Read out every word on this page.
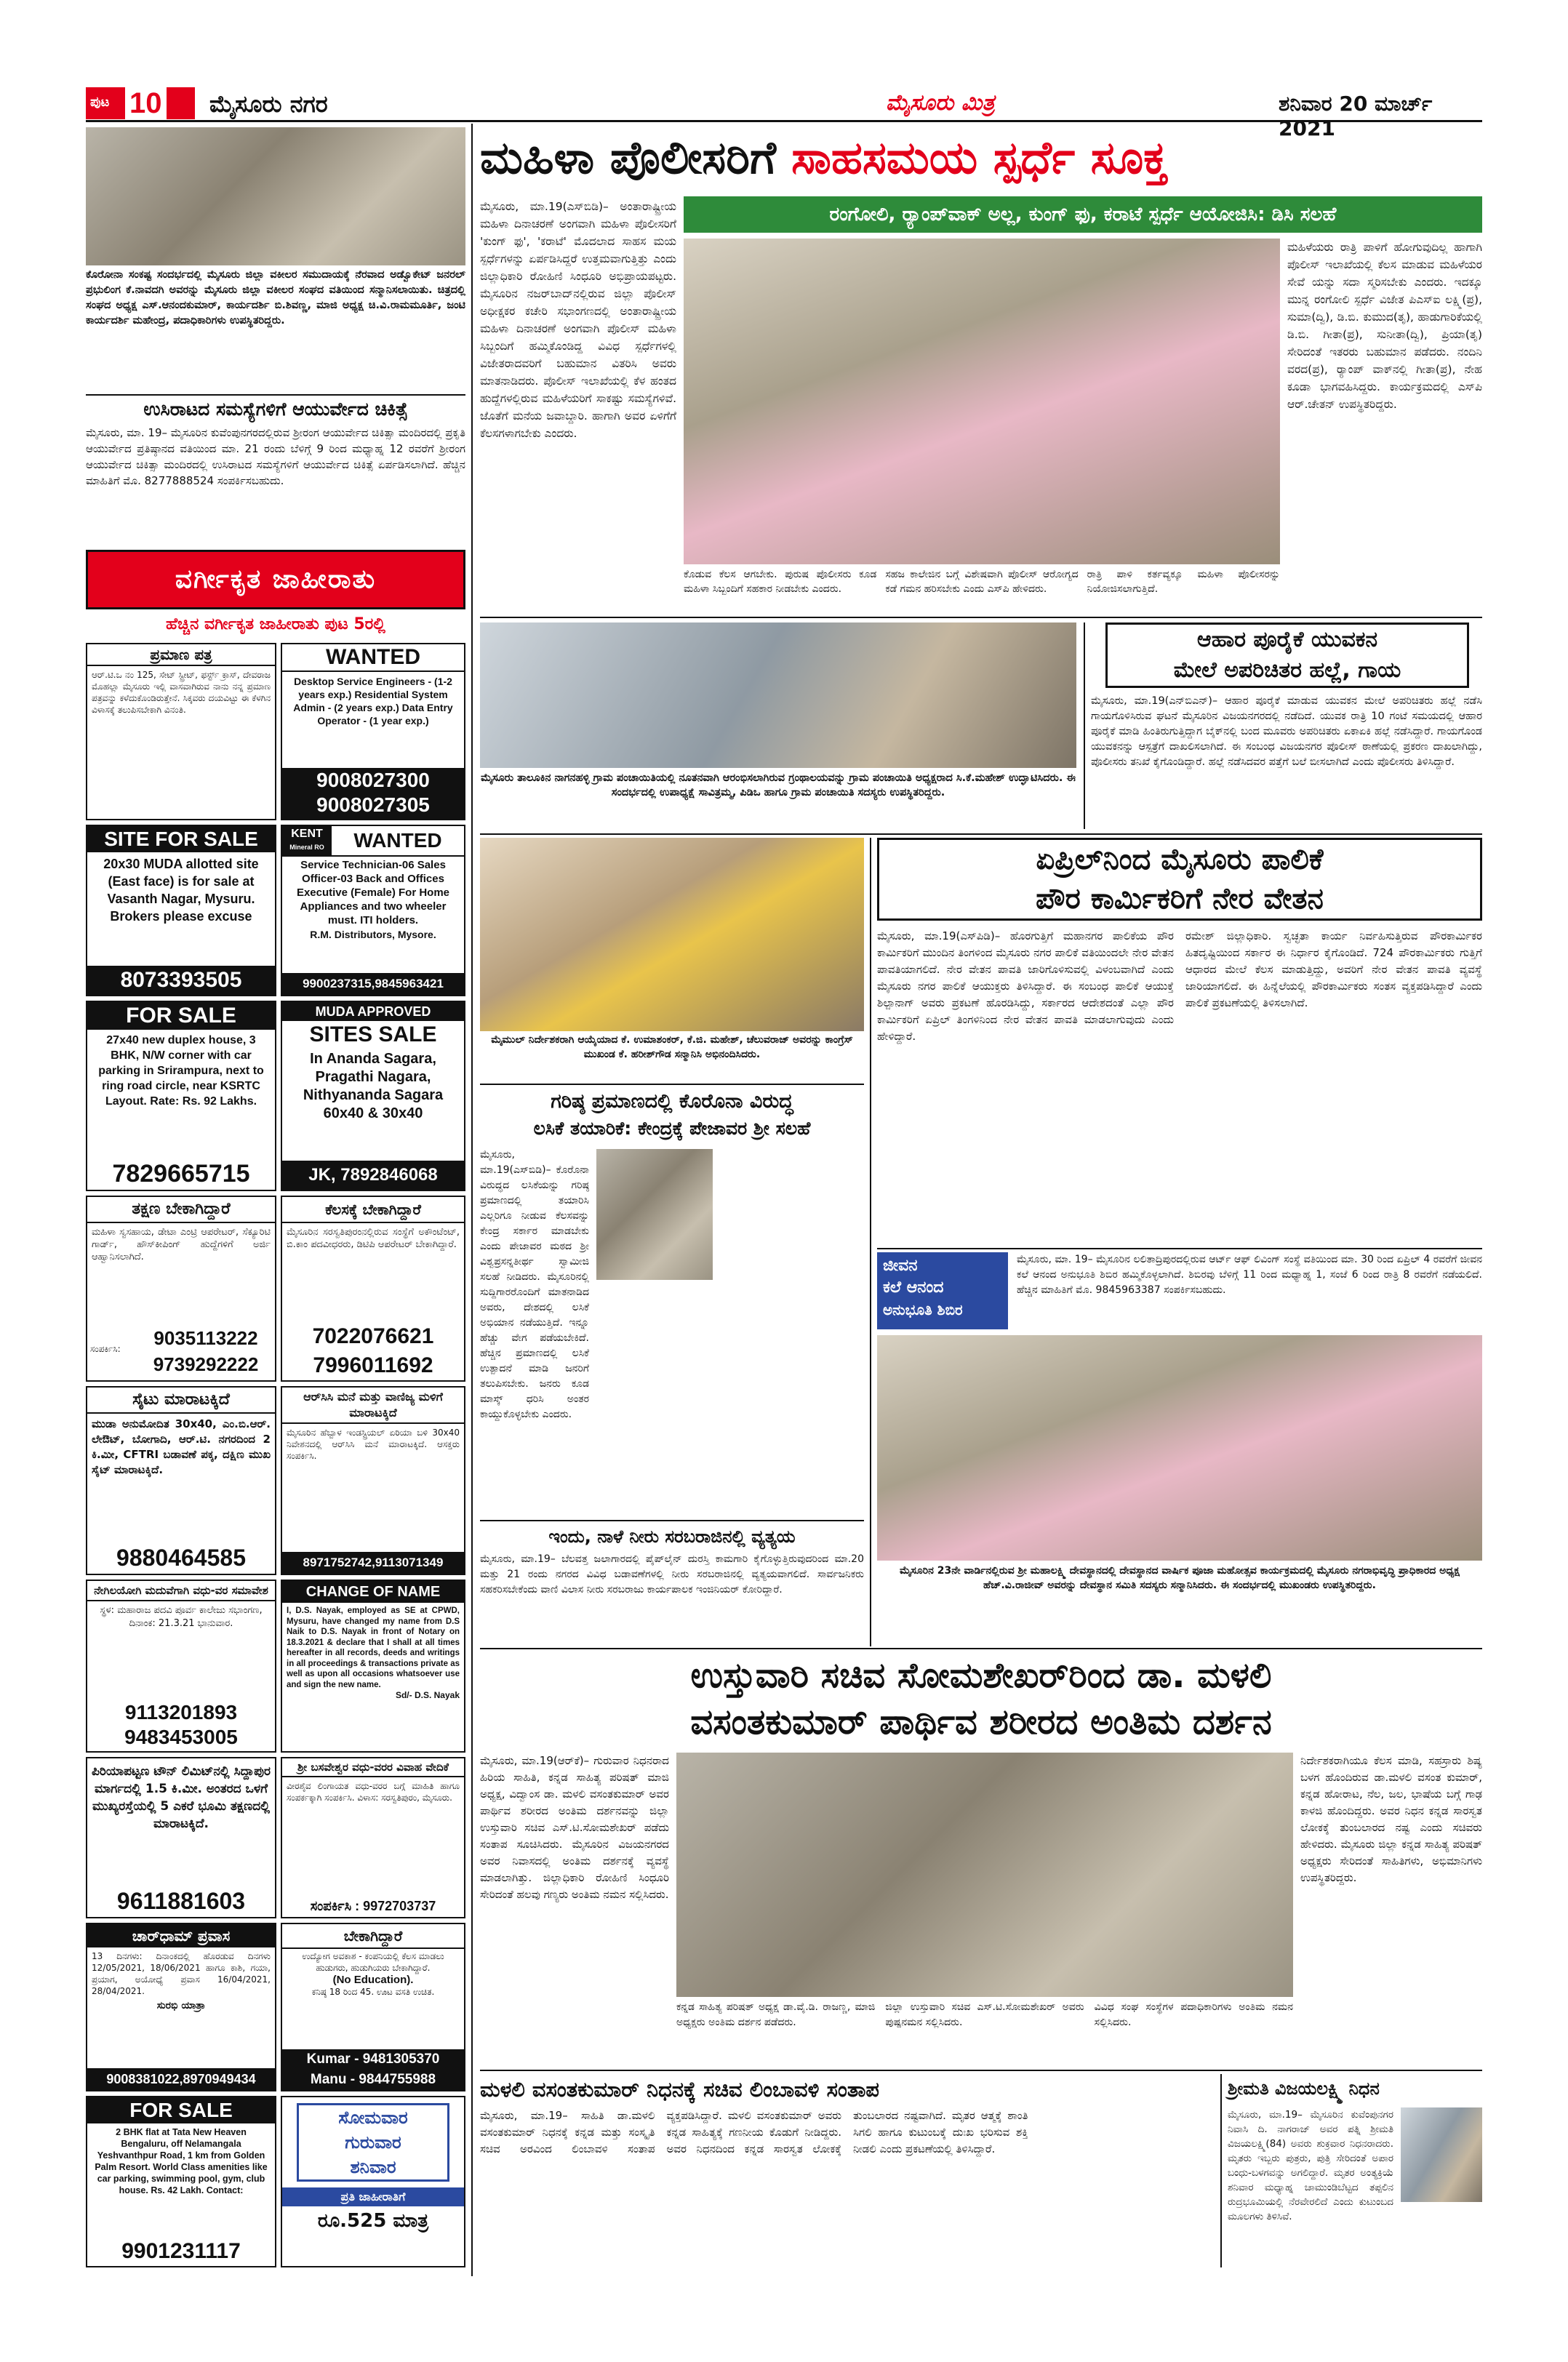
ಪುಟ 10 ಮೈಸೂರು ನಗರ	ಮೈಸೂರು ಮಿತ್ರ	ಶನಿವಾರ 20 ಮಾರ್ಚ್ 2021

ಕೊರೋನಾ ಸಂಕಷ್ಟ ಸಂದರ್ಭದಲ್ಲಿ ಮೈಸೂರು ಜಿಲ್ಲಾ ವಕೀಲರ ಸಮುದಾಯಕ್ಕೆ ನೆರವಾದ ಅಡ್ವೊಕೇಟ್ ಜನರಲ್ ಪ್ರಭುಲಿಂಗ ಕೆ.ನಾವದಗಿ ಅವರನ್ನು ಮೈಸೂರು ಜಿಲ್ಲಾ ವಕೀಲರ ಸಂಘದ ವತಿಯಿಂದ ಸನ್ಮಾನಿಸಲಾಯಿತು. ಚಿತ್ರದಲ್ಲಿ ಸಂಘದ ಅಧ್ಯಕ್ಷ ಎಸ್.ಆನಂದಕುಮಾರ್, ಕಾರ್ಯದರ್ಶಿ ಬಿ.ಶಿವಣ್ಣ, ಮಾಜಿ ಅಧ್ಯಕ್ಷ ಚಿ.ವಿ.ರಾಮಮೂರ್ತಿ, ಜಂಟಿ ಕಾರ್ಯದರ್ಶಿ ಮಹೇಂದ್ರ, ಪದಾಧಿಕಾರಿಗಳು ಉಪಸ್ಥಿತರಿದ್ದರು.

ಉಸಿರಾಟದ ಸಮಸ್ಯೆಗಳಿಗೆ ಆಯುರ್ವೇದ ಚಿಕಿತ್ಸೆ

ಮೈಸೂರು, ಮಾ. 19– ಮೈಸೂರಿನ ಕುವೆಂಪುನಗರದಲ್ಲಿರುವ ಶ್ರೀರಂಗ ಆಯುರ್ವೇದ ಚಿಕಿತ್ಸಾ ಮಂದಿರದಲ್ಲಿ ಪ್ರಕೃತಿ ಆಯುರ್ವೇದ ಪ್ರತಿಷ್ಠಾನದ ವತಿಯಿಂದ ಮಾ. 21 ರಂದು ಬೆಳಿಗ್ಗೆ 9 ರಿಂದ ಮಧ್ಯಾಹ್ನ 12 ರವರೆಗೆ ಶ್ರೀರಂಗ ಆಯುರ್ವೇದ ಚಿಕಿತ್ಸಾ ಮಂದಿರದಲ್ಲಿ ಉಸಿರಾಟದ ಸಮಸ್ಯೆಗಳಿಗೆ ಆಯುರ್ವೇದ ಚಿಕಿತ್ಸೆ ಏರ್ಪಡಿಸಲಾಗಿದೆ. ಹೆಚ್ಚಿನ ಮಾಹಿತಿಗೆ ಮೊ. 8277888524 ಸಂಪರ್ಕಿಸಬಹುದು.

ವರ್ಗೀಕೃತ ಜಾಹೀರಾತು
ಹೆಚ್ಚಿನ ವರ್ಗೀಕೃತ ಜಾಹೀರಾತು ಪುಟ 5ರಲ್ಲಿ
ಪ್ರಮಾಣ ಪತ್ರ

ಆರ್.ಟಿ.ಒ ನಂ 125, ಸೇಟ್ ಸ್ಟ್ರೀಟ್, ಫರ್ಸ್ಟ್ ಕ್ರಾಸ್, ದೇವರಾಜ ಮೊಹಲ್ಲಾ ಮೈಸೂರು ಇಲ್ಲಿ ವಾಸವಾಗಿರುವ ನಾನು ನನ್ನ ಪ್ರಮಾಣ ಪತ್ರವನ್ನು ಕಳೆದುಕೊಂಡಿರುತ್ತೇನೆ. ಸಿಕ್ಕವರು ದಯವಿಟ್ಟು ಈ ಕೆಳಗಿನ ವಿಳಾಸಕ್ಕೆ ತಲುಪಿಸಬೇಕಾಗಿ ವಿನಂತಿ.

WANTED

Desktop Service Engineers - (1-2 years exp.) Residential System Admin - (2 years exp.) Data Entry Operator - (1 year exp.)

9008027300
9008027305
SITE FOR SALE

20x30 MUDA allotted site (East face) is for sale at Vasanth Nagar, Mysuru. Brokers please excuse

8073393505
KENT
Mineral RO	WANTED

Service Technician-06 Sales Officer-03 Back and Offices Executive (Female) For Home Appliances and two wheeler must. ITI holders.

R.M. Distributors, Mysore.
9900237315,9845963421
FOR SALE

27x40 new duplex house, 3 BHK, N/W corner with car parking in Srirampura, next to ring road circle, near KSRTC Layout. Rate: Rs. 92 Lakhs.

7829665715
MUDA APPROVED
SITES SALE

In Ananda Sagara, Pragathi Nagara, Nithyananda Sagara 60x40 & 30x40

JK, 7892846068
ತಕ್ಷಣ ಬೇಕಾಗಿದ್ದಾರೆ

ಮಹಿಳಾ ಸ್ವಸಹಾಯ, ಡೇಟಾ ಎಂಟ್ರಿ ಆಪರೇಟರ್, ಸೆಕ್ಯೂರಿಟಿ ಗಾರ್ಡ್, ಹೌಸ್‌ಕೀಪಿಂಗ್ ಹುದ್ದೆಗಳಿಗೆ ಅರ್ಜಿ ಆಹ್ವಾನಿಸಲಾಗಿದೆ.

ಸಂಪರ್ಕಿಸಿ:	9035113222
9739292222
ಕೆಲಸಕ್ಕೆ ಬೇಕಾಗಿದ್ದಾರೆ

ಮೈಸೂರಿನ ಸರಸ್ವತಿಪುರಂನಲ್ಲಿರುವ ಸಂಸ್ಥೆಗೆ ಅಕೌಂಟೆಂಟ್, ಬಿ.ಕಾಂ ಪದವೀಧರರು, ಡಿಟಿಪಿ ಆಪರೇಟರ್ ಬೇಕಾಗಿದ್ದಾರೆ.

7022076621
7996011692
ಸೈಟು ಮಾರಾಟಕ್ಕಿದೆ

ಮುಡಾ ಅನುಮೋದಿತ 30x40, ಎಂ.ಬಿ.ಆರ್. ಲೇಔಟ್, ಬೋಗಾದಿ, ಆರ್.ಟಿ. ನಗರದಿಂದ 2 ಕಿ.ಮೀ, CFTRI ಬಡಾವಣೆ ಪಕ್ಕ, ದಕ್ಷಿಣ ಮುಖ ಸೈಟ್ ಮಾರಾಟಕ್ಕಿದೆ.

9880464585
ಆರ್‌ಸಿಸಿ ಮನೆ ಮತ್ತು ವಾಣಿಜ್ಯ ಮಳಿಗೆ ಮಾರಾಟಕ್ಕಿದೆ

ಮೈಸೂರಿನ ಹೆಬ್ಬಾಳ ಇಂಡಸ್ಟ್ರಿಯಲ್ ಏರಿಯಾ ಬಳಿ 30x40 ನಿವೇಶನದಲ್ಲಿ ಆರ್‌ಸಿಸಿ ಮನೆ ಮಾರಾಟಕ್ಕಿದೆ. ಆಸಕ್ತರು ಸಂಪರ್ಕಿಸಿ.

8971752742,9113071349
ನೇಗಿಲಯೋಗಿ ಮದುವೆಗಾಗಿ ವಧು-ವರ ಸಮಾವೇಶ

ಸ್ಥಳ: ಮಹಾರಾಜ ಪದವಿ ಪೂರ್ವ ಕಾಲೇಜು ಸಭಾಂಗಣ, ದಿನಾಂಕ: 21.3.21 ಭಾನುವಾರ.

9113201893
9483453005
CHANGE OF NAME

I, D.S. Nayak, employed as SE at CPWD, Mysuru, have changed my name from D.S Naik to D.S. Nayak in front of Notary on 18.3.2021 & declare that I shall at all times hereafter in all records, deeds and writings in all proceedings & transactions private as well as upon all occasions whatsoever use and sign the new name.

Sd/- D.S. Nayak

ಪಿರಿಯಾಪಟ್ಟಣ ಟೌನ್ ಲಿಮಿಟ್‌ನಲ್ಲಿ ಸಿದ್ದಾಪುರ ಮಾರ್ಗದಲ್ಲಿ 1.5 ಕಿ.ಮೀ. ಅಂತರದ ಒಳಗೆ ಮುಖ್ಯರಸ್ತೆಯಲ್ಲಿ 5 ಎಕರೆ ಭೂಮಿ ತಕ್ಷಣದಲ್ಲಿ ಮಾರಾಟಕ್ಕಿದೆ.

9611881603
ಶ್ರೀ ಬಸವೇಶ್ವರ ವಧು-ವರರ ವಿವಾಹ ವೇದಿಕೆ

ವೀರಶೈವ ಲಿಂಗಾಯತ ವಧು-ವರರ ಬಗ್ಗೆ ಮಾಹಿತಿ ಹಾಗೂ ಸಂಪರ್ಕಕ್ಕಾಗಿ ಸಂಪರ್ಕಿಸಿ. ವಿಳಾಸ: ಸರಸ್ವತಿಪುರಂ, ಮೈಸೂರು.

ಸಂಪರ್ಕಿಸಿ : 9972703737
ಚಾರ್‌ಧಾಮ್ ಪ್ರವಾಸ

13 ದಿನಗಳು: ದಿನಾಂಕದಲ್ಲಿ ಹೊರಡುವ ದಿನಗಳು 12/05/2021, 18/06/2021 ಹಾಗೂ ಕಾಶಿ, ಗಯಾ, ಪ್ರಯಾಗ, ಅಯೋಧ್ಯೆ ಪ್ರವಾಸ 16/04/2021, 28/04/2021.

ಸುರಭಿ ಯಾತ್ರಾ
9008381022,8970949434
ಬೇಕಾಗಿದ್ದಾರೆ

ಉದ್ಯೋಗ ಅವಕಾಶ - ಕಂಪನಿಯಲ್ಲಿ ಕೆಲಸ ಮಾಡಲು ಹುಡುಗರು, ಹುಡುಗಿಯರು ಬೇಕಾಗಿದ್ದಾರೆ.

(No Education).

ಕನಿಷ್ಠ 18 ರಿಂದ 45. ಊಟ ವಸತಿ ಉಚಿತ.

Kumar - 9481305370
Manu - 9844755988
FOR SALE

2 BHK flat at Tata New Heaven Bengaluru, off Nelamangala Yeshvanthpur Road, 1 km from Golden Palm Resort. World Class amenities like car parking, swimming pool, gym, club house. Rs. 42 Lakh. Contact:

9901231117
ಸೋಮವಾರ
ಗುರುವಾರ
ಶನಿವಾರ
ಪ್ರತಿ ಜಾಹೀರಾತಿಗೆ
ರೂ.525 ಮಾತ್ರ
ಮಹಿಳಾ ಪೊಲೀಸರಿಗೆ ಸಾಹಸಮಯ ಸ್ಪರ್ಧೆ ಸೂಕ್ತ
ರಂಗೋಲಿ, ರ್‍ಯಾಂಪ್‌ವಾಕ್ ಅಲ್ಲ, ಕುಂಗ್ ಫು, ಕರಾಟೆ ಸ್ಪರ್ಧೆ ಆಯೋಜಿಸಿ: ಡಿಸಿ ಸಲಹೆ

ಮೈಸೂರು, ಮಾ.19(ಎಸ್‌ಬಿಡಿ)– ಅಂತಾರಾಷ್ಟ್ರೀಯ ಮಹಿಳಾ ದಿನಾಚರಣೆ ಅಂಗವಾಗಿ ಮಹಿಳಾ ಪೊಲೀಸರಿಗೆ 'ಕುಂಗ್ ಫು', 'ಕರಾಟೆ' ಮೊದಲಾದ ಸಾಹಸ ಮಯ ಸ್ಪರ್ಧೆಗಳನ್ನು ಏರ್ಪಡಿಸಿದ್ದರೆ ಉತ್ತಮವಾಗುತ್ತಿತ್ತು ಎಂದು ಜಿಲ್ಲಾಧಿಕಾರಿ ರೋಹಿಣಿ ಸಿಂಧೂರಿ ಅಭಿಪ್ರಾಯಪಟ್ಟರು. ಮೈಸೂರಿನ ನಜರ್‌ಬಾದ್‌ನಲ್ಲಿರುವ ಜಿಲ್ಲಾ ಪೊಲೀಸ್ ಅಧೀಕ್ಷಕರ ಕಚೇರಿ ಸಭಾಂಗಣದಲ್ಲಿ ಅಂತಾರಾಷ್ಟ್ರೀಯ ಮಹಿಳಾ ದಿನಾಚರಣೆ ಅಂಗವಾಗಿ ಪೊಲೀಸ್ ಮಹಿಳಾ ಸಿಬ್ಬಂದಿಗೆ ಹಮ್ಮಿಕೊಂಡಿದ್ದ ವಿವಿಧ ಸ್ಪರ್ಧೆಗಳಲ್ಲಿ ವಿಜೇತರಾದವರಿಗೆ ಬಹುಮಾನ ವಿತರಿಸಿ ಅವರು ಮಾತನಾಡಿದರು. ಪೊಲೀಸ್ ಇಲಾಖೆಯಲ್ಲಿ ಕೆಳ ಹಂತದ ಹುದ್ದೆಗಳಲ್ಲಿರುವ ಮಹಿಳೆಯರಿಗೆ ಸಾಕಷ್ಟು ಸಮಸ್ಯೆಗಳಿವೆ. ಜೊತೆಗೆ ಮನೆಯ ಜವಾಬ್ದಾರಿ. ಹಾಗಾಗಿ ಅವರ ಏಳಿಗೆಗೆ ಕೆಲಸಗಳಾಗಬೇಕು ಎಂದರು.

ಮಹಿಳೆಯರು ರಾತ್ರಿ ಪಾಳಿಗೆ ಹೋಗುವುದಿಲ್ಲ ಹಾಗಾಗಿ ಪೊಲೀಸ್ ಇಲಾಖೆಯಲ್ಲಿ ಕೆಲಸ ಮಾಡುವ ಮಹಿಳೆಯರ ಸೇವೆ ಯನ್ನು ಸದಾ ಸ್ಮರಿಸಬೇಕು ಎಂದರು. ಇದಕ್ಕೂ ಮುನ್ನ ರಂಗೋಲಿ ಸ್ಪರ್ಧೆ ವಿಜೇತ ಪಿಎಸ್‌ಐ ಲಕ್ಷ್ಮಿ(ಪ್ರ), ಸುಮಾ(ದ್ವಿ), ಡಿ.ಬಿ. ಕುಮುದ(ತೃ), ಹಾಡುಗಾರಿಕೆಯಲ್ಲಿ ಡಿ.ಬಿ. ಗೀತಾ(ಪ್ರ), ಸುನೀತಾ(ದ್ವಿ), ಪ್ರಿಯಾ(ತೃ) ಸೇರಿದಂತೆ ಇತರರು ಬಹುಮಾನ ಪಡೆದರು. ನಂದಿನಿ ವರದ(ಪ್ರ), ರ್‍ಯಾಂಪ್ ವಾಕ್‌ನಲ್ಲಿ ಗೀತಾ(ಪ್ರ), ನೇಹ ಕೂಡಾ ಭಾಗವಹಿಸಿದ್ದರು. ಕಾರ್ಯಕ್ರಮದಲ್ಲಿ ಎಸ್‌ಪಿ ಆರ್.ಚೇತನ್ ಉಪಸ್ಥಿತರಿದ್ದರು.

ಕೊಡುವ ಕೆಲಸ ಆಗಬೇಕು. ಪುರುಷ ಪೊಲೀಸರು ಕೂಡ ಮಹಿಳಾ ಸಿಬ್ಬಂದಿಗೆ ಸಹಕಾರ ನೀಡಬೇಕು ಎಂದರು.

ಸಹಜ ಕಾಲೇಜಿನ ಬಗ್ಗೆ ವಿಶೇಷವಾಗಿ ಪೊಲೀಸ್ ಆರೋಗ್ಯದ ಕಡೆ ಗಮನ ಹರಿಸಬೇಕು ಎಂದು ಎಸ್‌ಪಿ ಹೇಳಿದರು.

ರಾತ್ರಿ ಪಾಳಿ ಕರ್ತವ್ಯಕ್ಕೂ ಮಹಿಳಾ ಪೊಲೀಸರನ್ನು ನಿಯೋಜಿಸಲಾಗುತ್ತಿದೆ.

ಮೈಸೂರು ತಾಲೂಕಿನ ನಾಗನಹಳ್ಳಿ ಗ್ರಾಮ ಪಂಚಾಯಿತಿಯಲ್ಲಿ ನೂತನವಾಗಿ ಆರಂಭಿಸಲಾಗಿರುವ ಗ್ರಂಥಾಲಯವನ್ನು ಗ್ರಾಮ ಪಂಚಾಯಿತಿ ಅಧ್ಯಕ್ಷರಾದ ಸಿ.ಕೆ.ಮಹೇಶ್ ಉದ್ಘಾಟಿಸಿದರು. ಈ ಸಂದರ್ಭದಲ್ಲಿ ಉಪಾಧ್ಯಕ್ಷೆ ಸಾವಿತ್ರಮ್ಮ, ಪಿಡಿಒ ಹಾಗೂ ಗ್ರಾಮ ಪಂಚಾಯಿತಿ ಸದಸ್ಯರು ಉಪಸ್ಥಿತರಿದ್ದರು.

ಆಹಾರ ಪೂರೈಕೆ ಯುವಕನ
ಮೇಲೆ ಅಪರಿಚಿತರ ಹಲ್ಲೆ, ಗಾಯ

ಮೈಸೂರು, ಮಾ.19(ಎನ್‌ಬಿಎನ್)– ಆಹಾರ ಪೂರೈಕೆ ಮಾಡುವ ಯುವಕನ ಮೇಲೆ ಅಪರಿಚಿತರು ಹಲ್ಲೆ ನಡೆಸಿ ಗಾಯಗೊಳಿಸಿರುವ ಘಟನೆ ಮೈಸೂರಿನ ವಿಜಯನಗರದಲ್ಲಿ ನಡೆದಿದೆ. ಯುವಕ ರಾತ್ರಿ 10 ಗಂಟೆ ಸಮಯದಲ್ಲಿ ಆಹಾರ ಪೂರೈಕೆ ಮಾಡಿ ಹಿಂತಿರುಗುತ್ತಿದ್ದಾಗ ಬೈಕ್‌ನಲ್ಲಿ ಬಂದ ಮೂವರು ಅಪರಿಚಿತರು ಏಕಾಏಕಿ ಹಲ್ಲೆ ನಡೆಸಿದ್ದಾರೆ. ಗಾಯಗೊಂಡ ಯುವಕನನ್ನು ಆಸ್ಪತ್ರೆಗೆ ದಾಖಲಿಸಲಾಗಿದೆ. ಈ ಸಂಬಂಧ ವಿಜಯನಗರ ಪೊಲೀಸ್ ಠಾಣೆಯಲ್ಲಿ ಪ್ರಕರಣ ದಾಖಲಾಗಿದ್ದು, ಪೊಲೀಸರು ತನಿಖೆ ಕೈಗೊಂಡಿದ್ದಾರೆ. ಹಲ್ಲೆ ನಡೆಸಿದವರ ಪತ್ತೆಗೆ ಬಲೆ ಬೀಸಲಾಗಿದೆ ಎಂದು ಪೊಲೀಸರು ತಿಳಿಸಿದ್ದಾರೆ.

ಮೈಮುಲ್ ನಿರ್ದೇಶಕರಾಗಿ ಆಯ್ಕೆಯಾದ ಕೆ. ಉಮಾಶಂಕರ್, ಕೆ.ಜಿ. ಮಹೇಶ್, ಚೆಲುವರಾಜ್ ಅವರನ್ನು ಕಾಂಗ್ರೆಸ್ ಮುಖಂಡ ಕೆ. ಹರೀಶ್‌ಗೌಡ ಸನ್ಮಾನಿಸಿ ಅಭಿನಂದಿಸಿದರು.

ಗರಿಷ್ಠ ಪ್ರಮಾಣದಲ್ಲಿ ಕೊರೊನಾ ವಿರುದ್ಧ
ಲಸಿಕೆ ತಯಾರಿಕೆ: ಕೇಂದ್ರಕ್ಕೆ ಪೇಜಾವರ ಶ್ರೀ ಸಲಹೆ

ಮೈಸೂರು, ಮಾ.19(ಎಸ್‌ಬಿಡಿ)– ಕೊರೊನಾ ವಿರುದ್ಧದ ಲಸಿಕೆಯನ್ನು ಗರಿಷ್ಠ ಪ್ರಮಾಣದಲ್ಲಿ ತಯಾರಿಸಿ ಎಲ್ಲರಿಗೂ ನೀಡುವ ಕೆಲಸವನ್ನು ಕೇಂದ್ರ ಸರ್ಕಾರ ಮಾಡಬೇಕು ಎಂದು ಪೇಜಾವರ ಮಠದ ಶ್ರೀ ವಿಶ್ವಪ್ರಸನ್ನತೀರ್ಥ ಸ್ವಾಮೀಜಿ ಸಲಹೆ ನೀಡಿದರು. ಮೈಸೂರಿನಲ್ಲಿ ಸುದ್ದಿಗಾರರೊಂದಿಗೆ ಮಾತನಾಡಿದ ಅವರು, ದೇಶದಲ್ಲಿ ಲಸಿಕೆ ಅಭಿಯಾನ ನಡೆಯುತ್ತಿದೆ. ಇನ್ನೂ ಹೆಚ್ಚು ವೇಗ ಪಡೆಯಬೇಕಿದೆ. ಹೆಚ್ಚಿನ ಪ್ರಮಾಣದಲ್ಲಿ ಲಸಿಕೆ ಉತ್ಪಾದನೆ ಮಾಡಿ ಜನರಿಗೆ ತಲುಪಿಸಬೇಕು. ಜನರು ಕೂಡ ಮಾಸ್ಕ್ ಧರಿಸಿ ಅಂತರ ಕಾಯ್ದುಕೊಳ್ಳಬೇಕು ಎಂದರು.

ಇಂದು, ನಾಳೆ ನೀರು ಸರಬರಾಜಿನಲ್ಲಿ ವ್ಯತ್ಯಯ

ಮೈಸೂರು, ಮಾ.19– ಬೆಲವತ್ತ ಜಲಾಗಾರದಲ್ಲಿ ಪೈಪ್‌ಲೈನ್ ದುರಸ್ತಿ ಕಾಮಗಾರಿ ಕೈಗೊಳ್ಳುತ್ತಿರುವುದರಿಂದ ಮಾ.20 ಮತ್ತು 21 ರಂದು ನಗರದ ವಿವಿಧ ಬಡಾವಣೆಗಳಲ್ಲಿ ನೀರು ಸರಬರಾಜಿನಲ್ಲಿ ವ್ಯತ್ಯಯವಾಗಲಿದೆ. ಸಾರ್ವಜನಿಕರು ಸಹಕರಿಸಬೇಕೆಂದು ವಾಣಿ ವಿಲಾಸ ನೀರು ಸರಬರಾಜು ಕಾರ್ಯಪಾಲಕ ಇಂಜಿನಿಯರ್ ಕೋರಿದ್ದಾರೆ.

ಏಪ್ರಿಲ್‌ನಿಂದ ಮೈಸೂರು ಪಾಲಿಕೆ
ಪೌರ ಕಾರ್ಮಿಕರಿಗೆ ನೇರ ವೇತನ

ಮೈಸೂರು, ಮಾ.19(ಎಸ್‌ಪಿಡಿ)– ಹೊರಗುತ್ತಿಗೆ ಮಹಾನಗರ ಪಾಲಿಕೆಯ ಪೌರ ಕಾರ್ಮಿಕರಿಗೆ ಮುಂದಿನ ತಿಂಗಳಿಂದ ಮೈಸೂರು ನಗರ ಪಾಲಿಕೆ ವತಿಯಿಂದಲೇ ನೇರ ವೇತನ ಪಾವತಿಯಾಗಲಿದೆ. ನೇರ ವೇತನ ಪಾವತಿ ಜಾರಿಗೊಳಿಸುವಲ್ಲಿ ವಿಳಂಬವಾಗಿದೆ ಎಂದು ಮೈಸೂರು ನಗರ ಪಾಲಿಕೆ ಆಯುಕ್ತರು ತಿಳಿಸಿದ್ದಾರೆ. ಈ ಸಂಬಂಧ ಪಾಲಿಕೆ ಆಯುಕ್ತೆ ಶಿಲ್ಪಾನಾಗ್ ಅವರು ಪ್ರಕಟಣೆ ಹೊರಡಿಸಿದ್ದು, ಸರ್ಕಾರದ ಆದೇಶದಂತೆ ಎಲ್ಲಾ ಪೌರ ಕಾರ್ಮಿಕರಿಗೆ ಏಪ್ರಿಲ್ ತಿಂಗಳಿನಿಂದ ನೇರ ವೇತನ ಪಾವತಿ ಮಾಡಲಾಗುವುದು ಎಂದು ಹೇಳಿದ್ದಾರೆ.

ರಮೇಶ್ ಜಿಲ್ಲಾಧಿಕಾರಿ. ಸ್ವಚ್ಛತಾ ಕಾರ್ಯ ನಿರ್ವಹಿಸುತ್ತಿರುವ ಪೌರಕಾರ್ಮಿಕರ ಹಿತದೃಷ್ಟಿಯಿಂದ ಸರ್ಕಾರ ಈ ನಿರ್ಧಾರ ಕೈಗೊಂಡಿದೆ. 724 ಪೌರಕಾರ್ಮಿಕರು ಗುತ್ತಿಗೆ ಆಧಾರದ ಮೇಲೆ ಕೆಲಸ ಮಾಡುತ್ತಿದ್ದು, ಅವರಿಗೆ ನೇರ ವೇತನ ಪಾವತಿ ವ್ಯವಸ್ಥೆ ಜಾರಿಯಾಗಲಿದೆ. ಈ ಹಿನ್ನೆಲೆಯಲ್ಲಿ ಪೌರಕಾರ್ಮಿಕರು ಸಂತಸ ವ್ಯಕ್ತಪಡಿಸಿದ್ದಾರೆ ಎಂದು ಪಾಲಿಕೆ ಪ್ರಕಟಣೆಯಲ್ಲಿ ತಿಳಿಸಲಾಗಿದೆ.

ಜೀವನ
ಕಲೆ ಆನಂದ
ಅನುಭೂತಿ ಶಿಬಿರ

ಮೈಸೂರು, ಮಾ. 19– ಮೈಸೂರಿನ ಲಲಿತಾದ್ರಿಪುರದಲ್ಲಿರುವ ಆರ್ಟ್ ಆಫ್ ಲಿವಿಂಗ್ ಸಂಸ್ಥೆ ವತಿಯಿಂದ ಮಾ. 30 ರಿಂದ ಏಪ್ರಿಲ್ 4 ರವರೆಗೆ ಜೀವನ ಕಲೆ ಆನಂದ ಅನುಭೂತಿ ಶಿಬಿರ ಹಮ್ಮಿಕೊಳ್ಳಲಾಗಿದೆ. ಶಿಬಿರವು ಬೆಳಿಗ್ಗೆ 11 ರಿಂದ ಮಧ್ಯಾಹ್ನ 1, ಸಂಜೆ 6 ರಿಂದ ರಾತ್ರಿ 8 ರವರೆಗೆ ನಡೆಯಲಿದೆ. ಹೆಚ್ಚಿನ ಮಾಹಿತಿಗೆ ಮೊ. 9845963387 ಸಂಪರ್ಕಿಸಬಹುದು.

ಮೈಸೂರಿನ 23ನೇ ವಾರ್ಡಿನಲ್ಲಿರುವ ಶ್ರೀ ಮಹಾಲಕ್ಷ್ಮಿ ದೇವಸ್ಥಾನದಲ್ಲಿ ದೇವಸ್ಥಾನದ ವಾರ್ಷಿಕ ಪೂಜಾ ಮಹೋತ್ಸವ ಕಾರ್ಯಕ್ರಮದಲ್ಲಿ ಮೈಸೂರು ನಗರಾಭಿವೃದ್ಧಿ ಪ್ರಾಧಿಕಾರದ ಅಧ್ಯಕ್ಷ ಹೆಚ್.ವಿ.ರಾಜೀವ್ ಅವರನ್ನು ದೇವಸ್ಥಾನ ಸಮಿತಿ ಸದಸ್ಯರು ಸನ್ಮಾನಿಸಿದರು. ಈ ಸಂದರ್ಭದಲ್ಲಿ ಮುಖಂಡರು ಉಪಸ್ಥಿತರಿದ್ದರು.

ಉಸ್ತುವಾರಿ ಸಚಿವ ಸೋಮಶೇಖರ್‌ರಿಂದ ಡಾ. ಮಳಲಿ
ವಸಂತಕುಮಾರ್ ಪಾರ್ಥಿವ ಶರೀರದ ಅಂತಿಮ ದರ್ಶನ

ಮೈಸೂರು, ಮಾ.19(ಆರ್‌ಕೆ)– ಗುರುವಾರ ನಿಧನರಾದ ಹಿರಿಯ ಸಾಹಿತಿ, ಕನ್ನಡ ಸಾಹಿತ್ಯ ಪರಿಷತ್ ಮಾಜಿ ಅಧ್ಯಕ್ಷ, ವಿದ್ವಾಂಸ ಡಾ. ಮಳಲಿ ವಸಂತಕುಮಾರ್ ಅವರ ಪಾರ್ಥಿವ ಶರೀರದ ಅಂತಿಮ ದರ್ಶನವನ್ನು ಜಿಲ್ಲಾ ಉಸ್ತುವಾರಿ ಸಚಿವ ಎಸ್.ಟಿ.ಸೋಮಶೇಖರ್ ಪಡೆದು ಸಂತಾಪ ಸೂಚಿಸಿದರು. ಮೈಸೂರಿನ ವಿಜಯನಗರದ ಅವರ ನಿವಾಸದಲ್ಲಿ ಅಂತಿಮ ದರ್ಶನಕ್ಕೆ ವ್ಯವಸ್ಥೆ ಮಾಡಲಾಗಿತ್ತು. ಜಿಲ್ಲಾಧಿಕಾರಿ ರೋಹಿಣಿ ಸಿಂಧೂರಿ ಸೇರಿದಂತೆ ಹಲವು ಗಣ್ಯರು ಅಂತಿಮ ನಮನ ಸಲ್ಲಿಸಿದರು.

ಕನ್ನಡ ಸಾಹಿತ್ಯ ಪರಿಷತ್ ಅಧ್ಯಕ್ಷ ಡಾ.ವೈ.ಡಿ. ರಾಜಣ್ಣ, ಮಾಜಿ ಅಧ್ಯಕ್ಷರು ಅಂತಿಮ ದರ್ಶನ ಪಡೆದರು.

ಜಿಲ್ಲಾ ಉಸ್ತುವಾರಿ ಸಚಿವ ಎಸ್.ಟಿ.ಸೋಮಶೇಖರ್ ಅವರು ಪುಷ್ಪನಮನ ಸಲ್ಲಿಸಿದರು.

ವಿವಿಧ ಸಂಘ ಸಂಸ್ಥೆಗಳ ಪದಾಧಿಕಾರಿಗಳು ಅಂತಿಮ ನಮನ ಸಲ್ಲಿಸಿದರು.

ನಿರ್ದೇಶಕರಾಗಿಯೂ ಕೆಲಸ ಮಾಡಿ, ಸಹಸ್ರಾರು ಶಿಷ್ಯ ಬಳಗ ಹೊಂದಿರುವ ಡಾ.ಮಳಲಿ ವಸಂತ ಕುಮಾರ್, ಕನ್ನಡ ಹೋರಾಟ, ನೆಲ, ಜಲ, ಭಾಷೆಯ ಬಗ್ಗೆ ಗಾಢ ಕಾಳಜಿ ಹೊಂದಿದ್ದರು. ಅವರ ನಿಧನ ಕನ್ನಡ ಸಾರಸ್ವತ ಲೋಕಕ್ಕೆ ತುಂಬಲಾರದ ನಷ್ಟ ಎಂದು ಸಚಿವರು ಹೇಳಿದರು. ಮೈಸೂರು ಜಿಲ್ಲಾ ಕನ್ನಡ ಸಾಹಿತ್ಯ ಪರಿಷತ್ ಅಧ್ಯಕ್ಷರು ಸೇರಿದಂತೆ ಸಾಹಿತಿಗಳು, ಅಭಿಮಾನಿಗಳು ಉಪಸ್ಥಿತರಿದ್ದರು.

ಮಳಲಿ ವಸಂತಕುಮಾರ್ ನಿಧನಕ್ಕೆ ಸಚಿವ ಲಿಂಬಾವಳಿ ಸಂತಾಪ

ಮೈಸೂರು, ಮಾ.19– ಸಾಹಿತಿ ಡಾ.ಮಳಲಿ ವಸಂತಕುಮಾರ್ ನಿಧನಕ್ಕೆ ಕನ್ನಡ ಮತ್ತು ಸಂಸ್ಕೃತಿ ಸಚಿವ ಅರವಿಂದ ಲಿಂಬಾವಳಿ ಸಂತಾಪ ವ್ಯಕ್ತಪಡಿಸಿದ್ದಾರೆ. ಮಳಲಿ ವಸಂತಕುಮಾರ್ ಅವರು ಕನ್ನಡ ಸಾಹಿತ್ಯಕ್ಕೆ ಗಣನೀಯ ಕೊಡುಗೆ ನೀಡಿದ್ದರು. ಅವರ ನಿಧನದಿಂದ ಕನ್ನಡ ಸಾರಸ್ವತ ಲೋಕಕ್ಕೆ ತುಂಬಲಾರದ ನಷ್ಟವಾಗಿದೆ. ಮೃತರ ಆತ್ಮಕ್ಕೆ ಶಾಂತಿ ಸಿಗಲಿ ಹಾಗೂ ಕುಟುಂಬಕ್ಕೆ ದುಃಖ ಭರಿಸುವ ಶಕ್ತಿ ನೀಡಲಿ ಎಂದು ಪ್ರಕಟಣೆಯಲ್ಲಿ ತಿಳಿಸಿದ್ದಾರೆ.

ಶ್ರೀಮತಿ ವಿಜಯಲಕ್ಷ್ಮಿ ನಿಧನ

ಮೈಸೂರು, ಮಾ.19– ಮೈಸೂರಿನ ಕುವೆಂಪುನಗರ ನಿವಾಸಿ ದಿ. ನಾಗರಾಜ್ ಅವರ ಪತ್ನಿ ಶ್ರೀಮತಿ ವಿಜಯಲಕ್ಷ್ಮಿ(84) ಅವರು ಶುಕ್ರವಾರ ನಿಧನರಾದರು. ಮೃತರು ಇಬ್ಬರು ಪುತ್ರರು, ಪುತ್ರಿ ಸೇರಿದಂತೆ ಅಪಾರ ಬಂಧು-ಬಳಗವನ್ನು ಅಗಲಿದ್ದಾರೆ. ಮೃತರ ಅಂತ್ಯಕ್ರಿಯೆ ಶನಿವಾರ ಮಧ್ಯಾಹ್ನ ಚಾಮುಂಡಿಬೆಟ್ಟದ ತಪ್ಪಲಿನ ರುದ್ರಭೂಮಿಯಲ್ಲಿ ನೆರವೇರಲಿದೆ ಎಂದು ಕುಟುಂಬದ ಮೂಲಗಳು ತಿಳಿಸಿವೆ.
